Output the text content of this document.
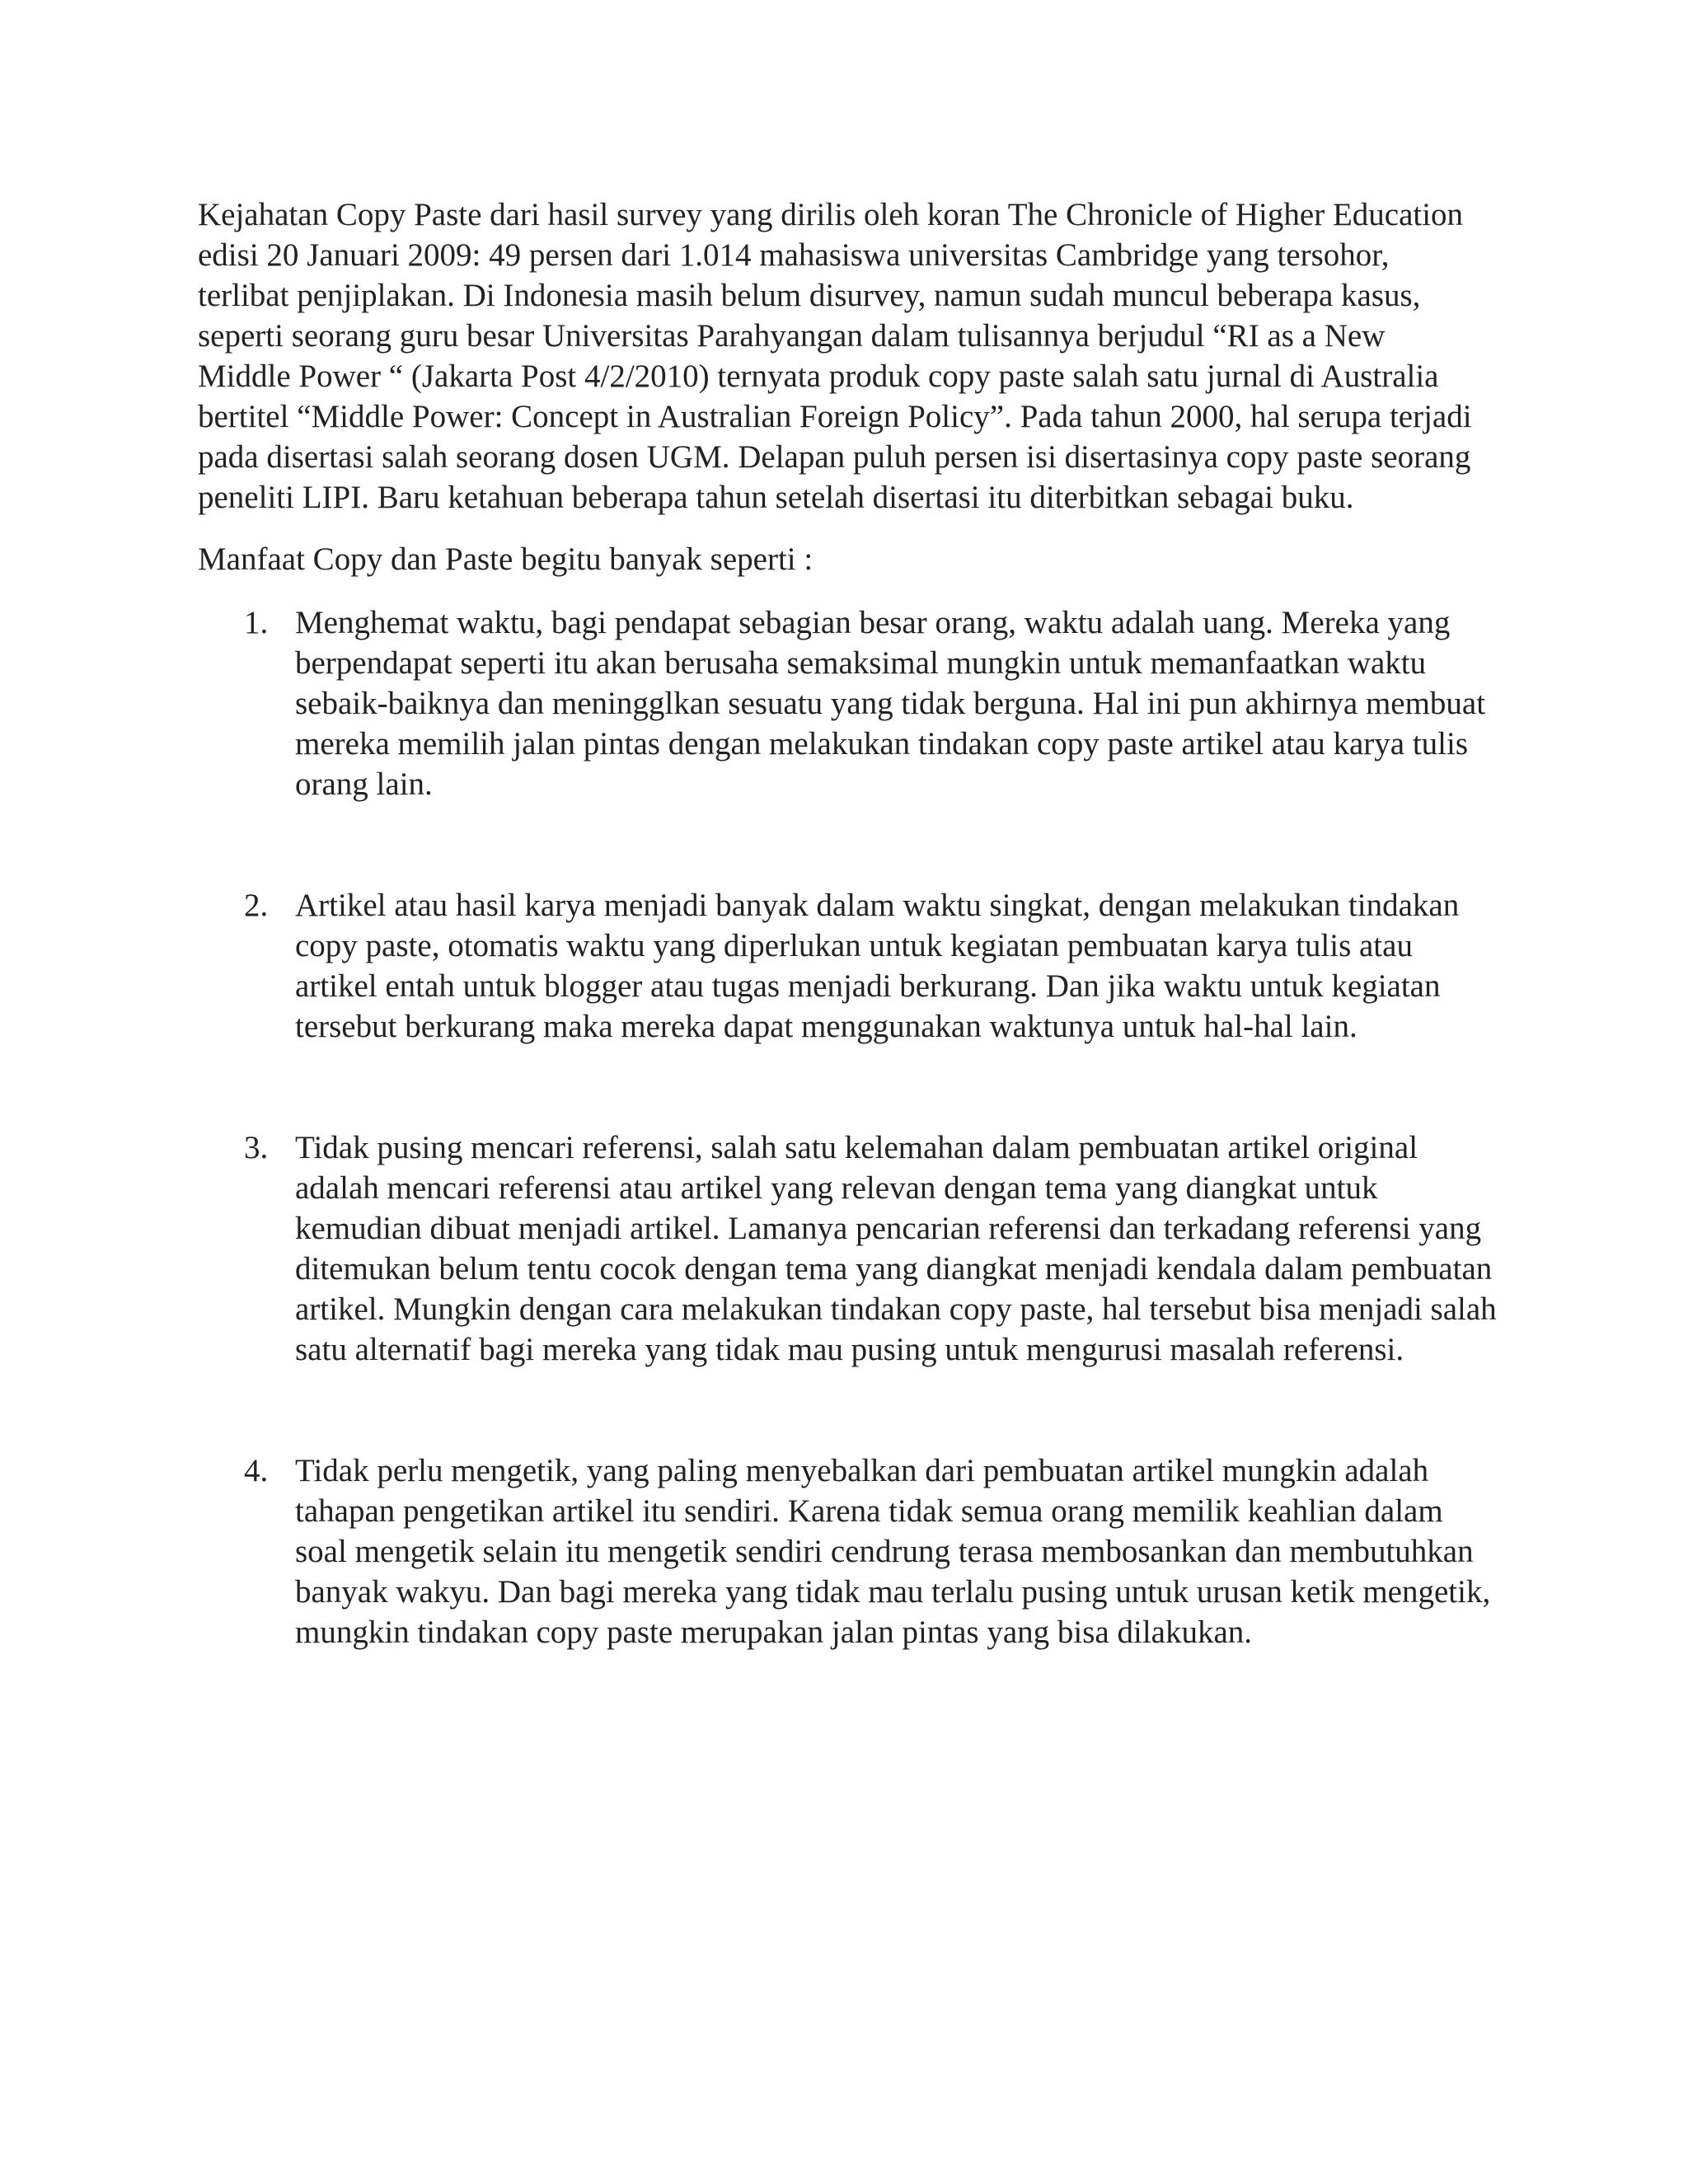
Kejahatan Copy Paste dari hasil survey yang dirilis oleh koran The Chronicle of Higher Education edisi 20 Januari 2009: 49 persen dari 1.014 mahasiswa universitas Cambridge yang tersohor, terlibat penjiplakan. Di Indonesia masih belum disurvey, namun sudah muncul beberapa kasus, seperti seorang guru besar Universitas Parahyangan dalam tulisannya berjudul “RI as a New Middle Power “ (Jakarta Post 4/2/2010) ternyata produk copy paste salah satu jurnal di Australia bertitel “Middle Power: Concept in Australian Foreign Policy”. Pada tahun 2000, hal serupa terjadi pada disertasi salah seorang dosen UGM. Delapan puluh persen isi disertasinya copy paste seorang peneliti LIPI. Baru ketahuan beberapa tahun setelah disertasi itu diterbitkan sebagai buku.

Manfaat Copy dan Paste begitu banyak seperti :

1. Menghemat waktu, bagi pendapat sebagian besar orang, waktu adalah uang. Mereka yang berpendapat seperti itu akan berusaha semaksimal mungkin untuk memanfaatkan waktu sebaik-baiknya dan meningglkan sesuatu yang tidak berguna. Hal ini pun akhirnya membuat mereka memilih jalan pintas dengan melakukan tindakan copy paste artikel atau karya tulis orang lain.
2. Artikel atau hasil karya menjadi banyak dalam waktu singkat, dengan melakukan tindakan copy paste, otomatis waktu yang diperlukan untuk kegiatan pembuatan karya tulis atau artikel entah untuk blogger atau tugas menjadi berkurang. Dan jika waktu untuk kegiatan tersebut berkurang maka mereka dapat menggunakan waktunya untuk hal-hal lain.
3. Tidak pusing mencari referensi, salah satu kelemahan dalam pembuatan artikel original adalah mencari referensi atau artikel yang relevan dengan tema yang diangkat untuk kemudian dibuat menjadi artikel. Lamanya pencarian referensi dan terkadang referensi yang ditemukan belum tentu cocok dengan tema yang diangkat menjadi kendala dalam pembuatan artikel. Mungkin dengan cara melakukan tindakan copy paste, hal tersebut bisa menjadi salah satu alternatif bagi mereka yang tidak mau pusing untuk mengurusi masalah referensi.
4. Tidak perlu mengetik, yang paling menyebalkan dari pembuatan artikel mungkin adalah tahapan pengetikan artikel itu sendiri. Karena tidak semua orang memilik keahlian dalam soal mengetik selain itu mengetik sendiri cendrung terasa membosankan dan membutuhkan banyak wakyu. Dan bagi mereka yang tidak mau terlalu pusing untuk urusan ketik mengetik, mungkin tindakan copy paste merupakan jalan pintas yang bisa dilakukan.
